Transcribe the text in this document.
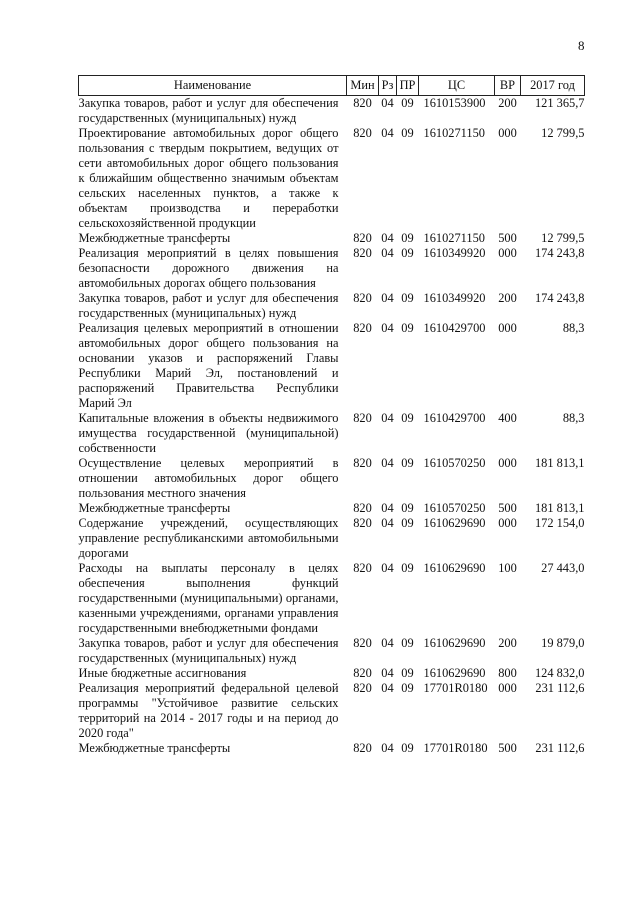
8
Наименование	Мин	Рз	ПР	ЦС	ВР	2017 год
Закупка товаров, работ и услуг для обеспечения государственных (муниципальных) нужд	820	04	09	1610153900	200	121 365,7
Проектирование автомобильных дорог общего пользования с твердым покрытием, ведущих от сети автомобильных дорог общего пользования к ближайшим общественно значимым объектам сельских населенных пунктов, а также к объектам производства и переработки сельскохозяйственной продукции	820	04	09	1610271150	000	12 799,5
Межбюджетные трансферты	820	04	09	1610271150	500	12 799,5
Реализация мероприятий в целях повышения безопасности дорожного движения на автомобильных дорогах общего пользования	820	04	09	1610349920	000	174 243,8
Закупка товаров, работ и услуг для обеспечения государственных (муниципальных) нужд	820	04	09	1610349920	200	174 243,8
Реализация целевых мероприятий в отношении автомобильных дорог общего пользования на основании указов и распоряжений Главы Республики Марий Эл, постановлений и распоряжений Правительства Республики Марий Эл	820	04	09	1610429700	000	88,3
Капитальные вложения в объекты недвижимого имущества государственной (муниципальной) собственности	820	04	09	1610429700	400	88,3
Осуществление целевых мероприятий в отношении автомобильных дорог общего пользования местного значения	820	04	09	1610570250	000	181 813,1
Межбюджетные трансферты	820	04	09	1610570250	500	181 813,1
Содержание учреждений, осуществляющих управление республиканскими автомобильными дорогами	820	04	09	1610629690	000	172 154,0
Расходы на выплаты персоналу в целях обеспечения выполнения функций государственными (муниципальными) органами, казенными учреждениями, органами управления государственными внебюджетными фондами	820	04	09	1610629690	100	27 443,0
Закупка товаров, работ и услуг для обеспечения государственных (муниципальных) нужд	820	04	09	1610629690	200	19 879,0
Иные бюджетные ассигнования	820	04	09	1610629690	800	124 832,0
Реализация мероприятий федеральной целевой программы "Устойчивое развитие сельских территорий на 2014 - 2017 годы и на период до 2020 года"	820	04	09	17701R0180	000	231 112,6
Межбюджетные трансферты	820	04	09	17701R0180	500	231 112,6
